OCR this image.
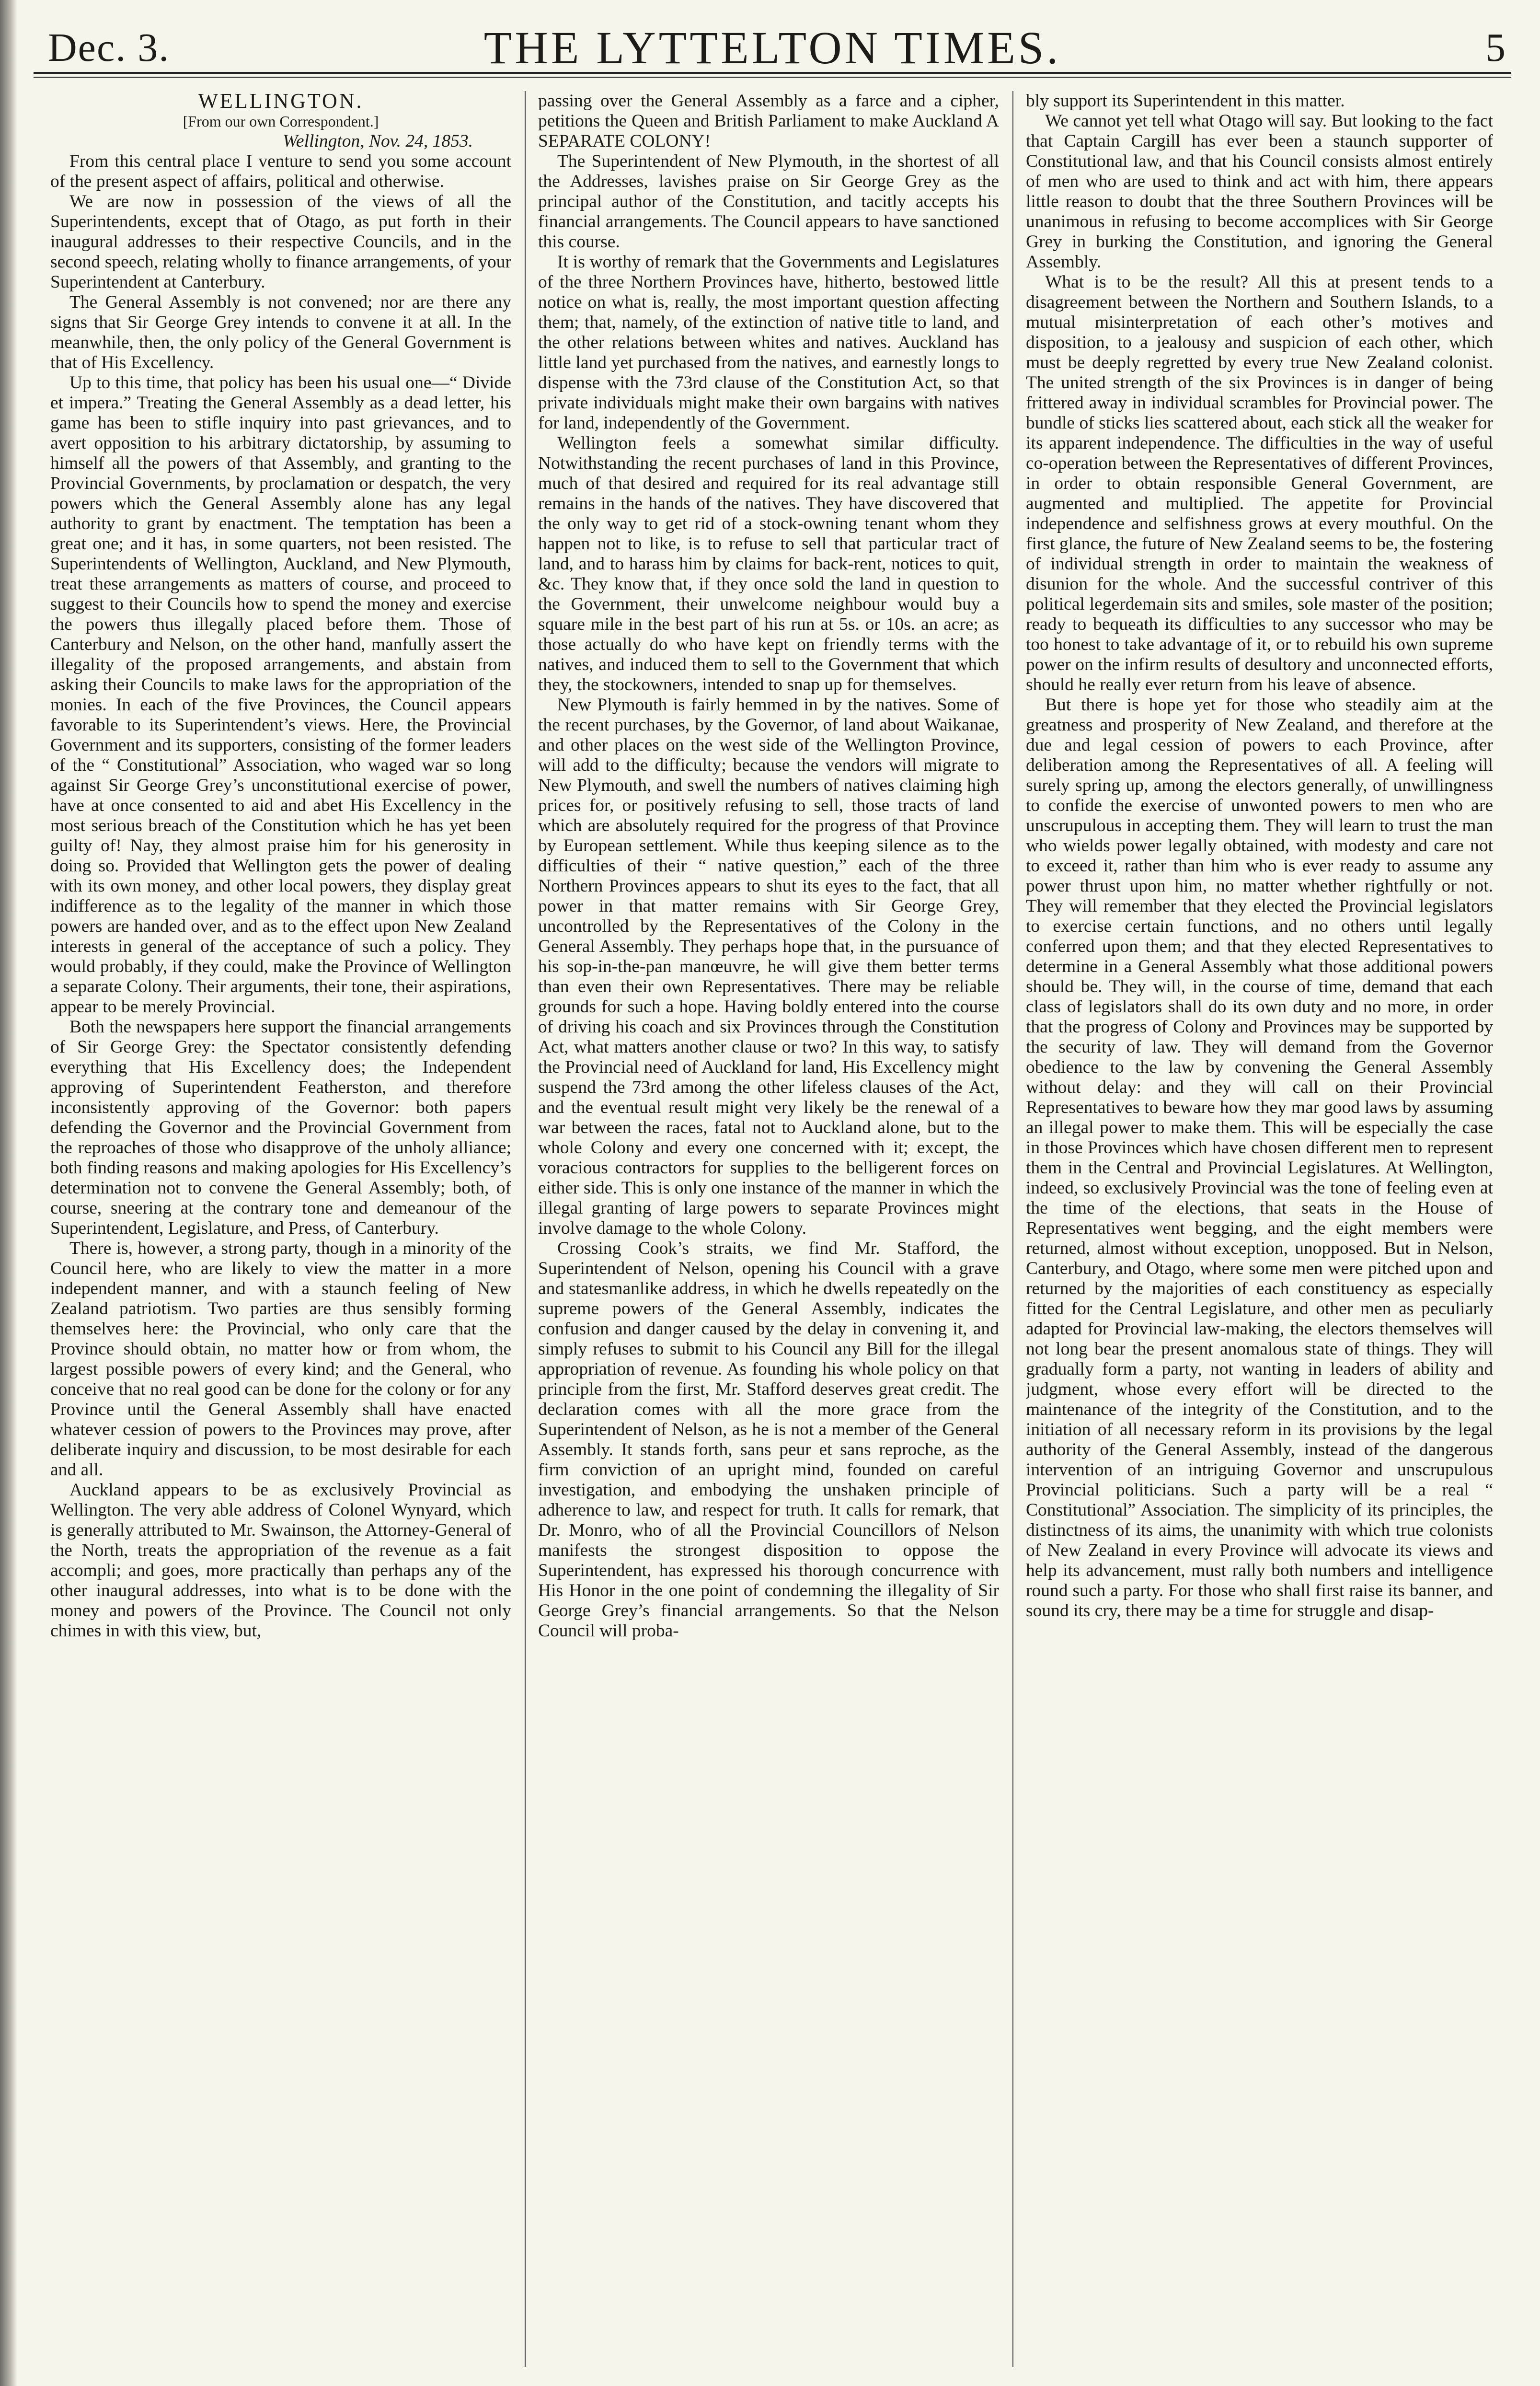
Dec. 3.	THE LYTTELTON TIMES.	5

WELLINGTON.

[From our own Correspondent.]

Wellington, Nov. 24, 1853.

From this central place I venture to send you some account of the present aspect of affairs, political and otherwise.

We are now in possession of the views of all the Superintendents, except that of Otago, as put forth in their inaugural addresses to their respective Councils, and in the second speech, relating wholly to finance arrangements, of your Superintendent at Canterbury.

The General Assembly is not convened; nor are there any signs that Sir George Grey intends to convene it at all. In the meanwhile, then, the only policy of the General Government is that of His Excellency.

Up to this time, that policy has been his usual one—“ Divide et impera.” Treating the General Assembly as a dead letter, his game has been to stifle inquiry into past grievances, and to avert opposition to his arbitrary dictatorship, by assuming to himself all the powers of that Assembly, and granting to the Provincial Governments, by proclamation or despatch, the very powers which the General Assembly alone has any legal authority to grant by enactment. The temptation has been a great one; and it has, in some quarters, not been resisted. The Superintendents of Wellington, Auckland, and New Plymouth, treat these arrangements as matters of course, and proceed to suggest to their Councils how to spend the money and exercise the powers thus illegally placed before them. Those of Canterbury and Nelson, on the other hand, manfully assert the illegality of the proposed arrangements, and abstain from asking their Councils to make laws for the appropriation of the monies. In each of the five Provinces, the Council appears favorable to its Superintendent’s views. Here, the Provincial Government and its supporters, consisting of the former leaders of the “ Constitutional” Association, who waged war so long against Sir George Grey’s unconstitutional exercise of power, have at once consented to aid and abet His Excellency in the most serious breach of the Constitution which he has yet been guilty of! Nay, they almost praise him for his generosity in doing so. Provided that Wellington gets the power of dealing with its own money, and other local powers, they display great indifference as to the legality of the manner in which those powers are handed over, and as to the effect upon New Zealand interests in general of the acceptance of such a policy. They would probably, if they could, make the Province of Wellington a separate Colony. Their arguments, their tone, their aspirations, appear to be merely Provincial.

Both the newspapers here support the financial arrangements of Sir George Grey: the Spectator consistently defending everything that His Excellency does; the Independent approving of Superintendent Featherston, and therefore inconsistently approving of the Governor: both papers defending the Governor and the Provincial Government from the reproaches of those who disapprove of the unholy alliance; both finding reasons and making apologies for His Excellency’s determination not to convene the General Assembly; both, of course, sneering at the contrary tone and demeanour of the Superintendent, Legislature, and Press, of Canterbury.

There is, however, a strong party, though in a minority of the Council here, who are likely to view the matter in a more independent manner, and with a staunch feeling of New Zealand patriotism. Two parties are thus sensibly forming themselves here: the Provincial, who only care that the Province should obtain, no matter how or from whom, the largest possible powers of every kind; and the General, who conceive that no real good can be done for the colony or for any Province until the General Assembly shall have enacted whatever cession of powers to the Provinces may prove, after deliberate inquiry and discussion, to be most desirable for each and all.

Auckland appears to be as exclusively Provincial as Wellington. The very able address of Colonel Wynyard, which is generally attributed to Mr. Swainson, the Attorney-General of the North, treats the appropriation of the revenue as a fait accompli; and goes, more practically than perhaps any of the other inaugural addresses, into what is to be done with the money and powers of the Province. The Council not only chimes in with this view, but,

passing over the General Assembly as a farce and a cipher, petitions the Queen and British Parliament to make Auckland A SEPARATE COLONY!

The Superintendent of New Plymouth, in the shortest of all the Addresses, lavishes praise on Sir George Grey as the principal author of the Constitution, and tacitly accepts his financial arrangements. The Council appears to have sanctioned this course.

It is worthy of remark that the Governments and Legislatures of the three Northern Provinces have, hitherto, bestowed little notice on what is, really, the most important question affecting them; that, namely, of the extinction of native title to land, and the other relations between whites and natives. Auckland has little land yet purchased from the natives, and earnestly longs to dispense with the 73rd clause of the Constitution Act, so that private individuals might make their own bargains with natives for land, independently of the Government.

Wellington feels a somewhat similar difficulty. Notwithstanding the recent purchases of land in this Province, much of that desired and required for its real advantage still remains in the hands of the natives. They have discovered that the only way to get rid of a stock-owning tenant whom they happen not to like, is to refuse to sell that particular tract of land, and to harass him by claims for back-rent, notices to quit, &c. They know that, if they once sold the land in question to the Government, their unwelcome neighbour would buy a square mile in the best part of his run at 5s. or 10s. an acre; as those actually do who have kept on friendly terms with the natives, and induced them to sell to the Government that which they, the stockowners, intended to snap up for themselves.

New Plymouth is fairly hemmed in by the natives. Some of the recent purchases, by the Governor, of land about Waikanae, and other places on the west side of the Wellington Province, will add to the difficulty; because the vendors will migrate to New Plymouth, and swell the numbers of natives claiming high prices for, or positively refusing to sell, those tracts of land which are absolutely required for the progress of that Province by European settlement. While thus keeping silence as to the difficulties of their “ native question,” each of the three Northern Provinces appears to shut its eyes to the fact, that all power in that matter remains with Sir George Grey, uncontrolled by the Representatives of the Colony in the General Assembly. They perhaps hope that, in the pursuance of his sop-in-the-pan manœuvre, he will give them better terms than even their own Representatives. There may be reliable grounds for such a hope. Having boldly entered into the course of driving his coach and six Provinces through the Constitution Act, what matters another clause or two? In this way, to satisfy the Provincial need of Auckland for land, His Excellency might suspend the 73rd among the other lifeless clauses of the Act, and the eventual result might very likely be the renewal of a war between the races, fatal not to Auckland alone, but to the whole Colony and every one concerned with it; except, the voracious contractors for supplies to the belligerent forces on either side. This is only one instance of the manner in which the illegal granting of large powers to separate Provinces might involve damage to the whole Colony.

Crossing Cook’s straits, we find Mr. Stafford, the Superintendent of Nelson, opening his Council with a grave and statesmanlike address, in which he dwells repeatedly on the supreme powers of the General Assembly, indicates the confusion and danger caused by the delay in convening it, and simply refuses to submit to his Council any Bill for the illegal appropriation of revenue. As founding his whole policy on that principle from the first, Mr. Stafford deserves great credit. The declaration comes with all the more grace from the Superintendent of Nelson, as he is not a member of the General Assembly. It stands forth, sans peur et sans reproche, as the firm conviction of an upright mind, founded on careful investigation, and embodying the unshaken principle of adherence to law, and respect for truth. It calls for remark, that Dr. Monro, who of all the Provincial Councillors of Nelson manifests the strongest disposition to oppose the Superintendent, has expressed his thorough concurrence with His Honor in the one point of condemning the illegality of Sir George Grey’s financial arrangements. So that the Nelson Council will proba-

bly support its Superintendent in this matter.

We cannot yet tell what Otago will say. But looking to the fact that Captain Cargill has ever been a staunch supporter of Constitutional law, and that his Council consists almost entirely of men who are used to think and act with him, there appears little reason to doubt that the three Southern Provinces will be unanimous in refusing to become accomplices with Sir George Grey in burking the Constitution, and ignoring the General Assembly.

What is to be the result? All this at present tends to a disagreement between the Northern and Southern Islands, to a mutual misinterpretation of each other’s motives and disposition, to a jealousy and suspicion of each other, which must be deeply regretted by every true New Zealand colonist. The united strength of the six Provinces is in danger of being frittered away in individual scrambles for Provincial power. The bundle of sticks lies scattered about, each stick all the weaker for its apparent independence. The difficulties in the way of useful co-operation between the Representatives of different Provinces, in order to obtain responsible General Government, are augmented and multiplied. The appetite for Provincial independence and selfishness grows at every mouthful. On the first glance, the future of New Zealand seems to be, the fostering of individual strength in order to maintain the weakness of disunion for the whole. And the successful contriver of this political legerdemain sits and smiles, sole master of the position; ready to bequeath its difficulties to any successor who may be too honest to take advantage of it, or to rebuild his own supreme power on the infirm results of desultory and unconnected efforts, should he really ever return from his leave of absence.

But there is hope yet for those who steadily aim at the greatness and prosperity of New Zealand, and therefore at the due and legal cession of powers to each Province, after deliberation among the Representatives of all. A feeling will surely spring up, among the electors generally, of unwillingness to confide the exercise of unwonted powers to men who are unscrupulous in accepting them. They will learn to trust the man who wields power legally obtained, with modesty and care not to exceed it, rather than him who is ever ready to assume any power thrust upon him, no matter whether rightfully or not. They will remember that they elected the Provincial legislators to exercise certain functions, and no others until legally conferred upon them; and that they elected Representatives to determine in a General Assembly what those additional powers should be. They will, in the course of time, demand that each class of legislators shall do its own duty and no more, in order that the progress of Colony and Provinces may be supported by the security of law. They will demand from the Governor obedience to the law by convening the General Assembly without delay: and they will call on their Provincial Representatives to beware how they mar good laws by assuming an illegal power to make them. This will be especially the case in those Provinces which have chosen different men to represent them in the Central and Provincial Legislatures. At Wellington, indeed, so exclusively Provincial was the tone of feeling even at the time of the elections, that seats in the House of Representatives went begging, and the eight members were returned, almost without exception, unopposed. But in Nelson, Canterbury, and Otago, where some men were pitched upon and returned by the majorities of each constituency as especially fitted for the Central Legislature, and other men as peculiarly adapted for Provincial law-making, the electors themselves will not long bear the present anomalous state of things. They will gradually form a party, not wanting in leaders of ability and judgment, whose every effort will be directed to the maintenance of the integrity of the Constitution, and to the initiation of all necessary reform in its provisions by the legal authority of the General Assembly, instead of the dangerous intervention of an intriguing Governor and unscrupulous Provincial politicians. Such a party will be a real “ Constitutional” Association. The simplicity of its principles, the distinctness of its aims, the unanimity with which true colonists of New Zealand in every Province will advocate its views and help its advancement, must rally both numbers and intelligence round such a party. For those who shall first raise its banner, and sound its cry, there may be a time for struggle and disap-
